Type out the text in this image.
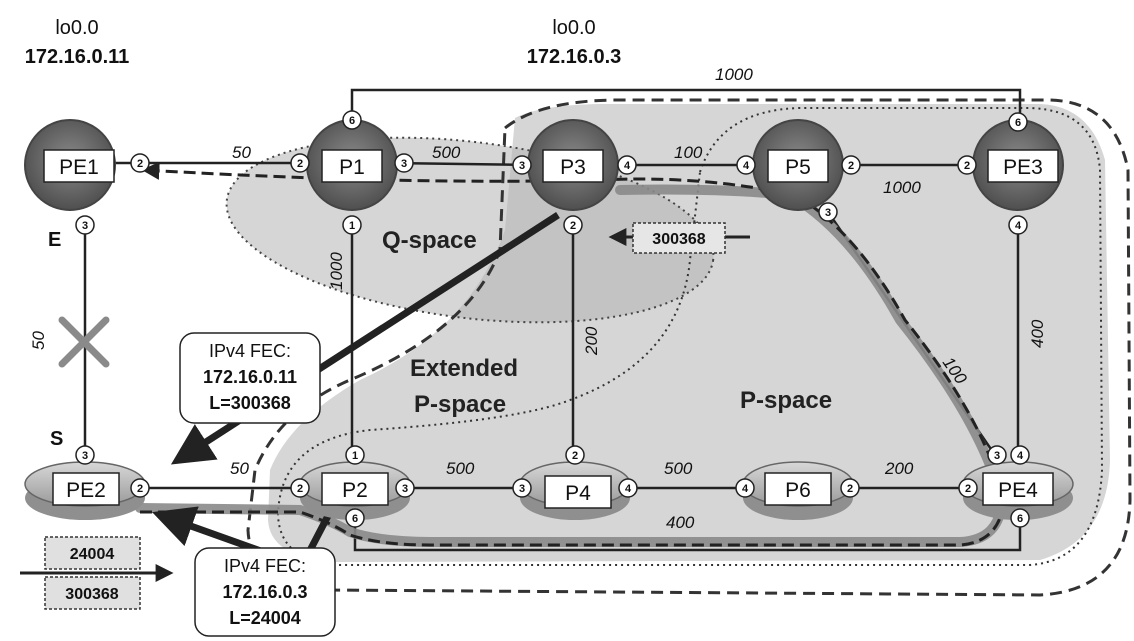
PE1	P1	P3	P5	PE3
PE2	P2	P4	P6	PE4
2
3
2	3
6
1
3	4
2
4	2
3
2
6
4
3
2	2
1
3
6
3
2
4	4	2
3 4
2
6
1000
50	500	100
1000
1000
200	400
100
50
50	500	500	200
400
lo0.0
172.16.0.11
lo0.0
172.16.0.3
E
S
Q-space
Extended
P-space	P-space
300368
24004
300368
IPv4 FEC:
172.16.0.11
L=300368
IPv4 FEC:
172.16.0.3
L=24004
